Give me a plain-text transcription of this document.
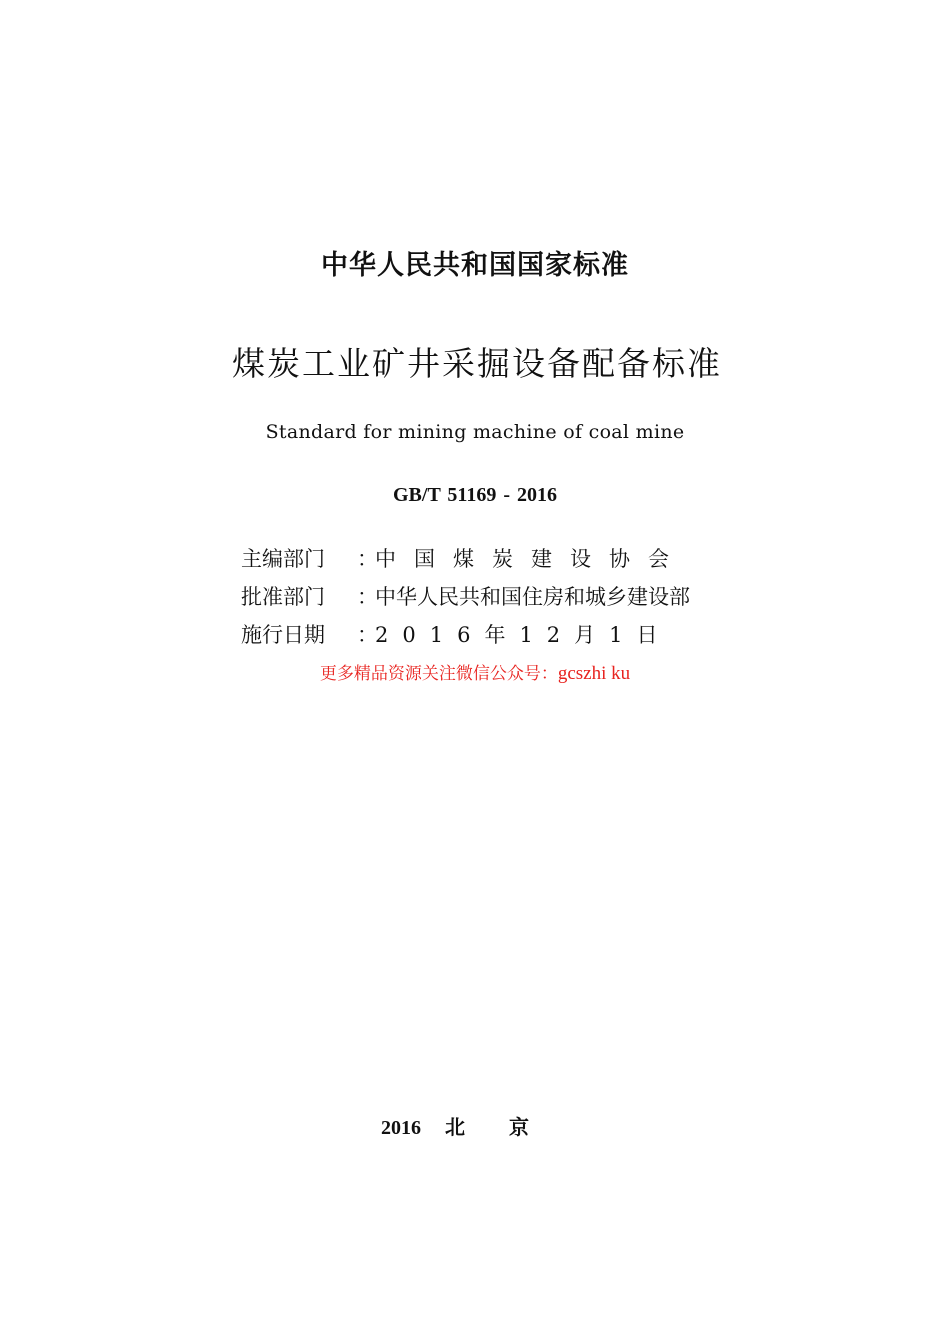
中华人民共和国国家标准
煤炭工业矿井采掘设备配备标准
Standard for mining machine of coal mine
GB/T 51169 - 2016
主编部门	：
中国煤炭建设协会
批准部门	：
中华人民共和国住房和城乡建设部
施行日期	：
2016年12月1日
更多精品资源关注微信公众号：gcszhi ku
2016 北京
